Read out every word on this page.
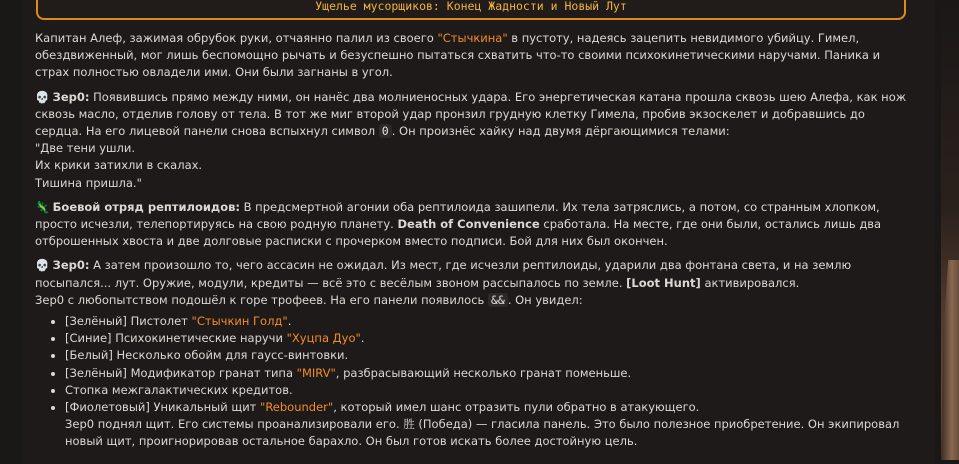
Ущелье мусорщиков: Конец Жадности и Новый Лут

Капитан Алеф, зажимая обрубок руки, отчаянно палил из своего "Стычкина" в пустоту, надеясь зацепить невидимого убийцу. Гимел, обездвиженный, мог лишь беспомощно рычать и безуспешно пытаться схватить что-то своими психокинетическими наручами. Паника и страх полностью овладели ими. Они были загнаны в угол.

💀 Зер0: Появившись прямо между ними, он нанёс два молниеносных удара. Его энергетическая катана прошла сквозь шею Алефа, как нож сквозь масло, отделив голову от тела. В тот же миг второй удар пронзил грудную клетку Гимела, пробив экзоскелет и добравшись до сердца. На его лицевой панели снова вспыхнул символ 0 . Он произнёс хайку над двумя дёргающимися телами:
"Две тени ушли.
Их крики затихли в скалах.
Тишина пришла."

🦎 Боевой отряд рептилоидов: В предсмертной агонии оба рептилоида зашипели. Их тела затряслись, а потом, со странным хлопком, просто исчезли, телепортируясь на свою родную планету. Death of Convenience сработала. На месте, где они были, остались лишь два отброшенных хвоста и две долговые расписки с прочерком вместо подписи. Бой для них был окончен.

💀 Зер0: А затем произошло то, чего ассасин не ожидал. Из мест, где исчезли рептилоиды, ударили два фонтана света, и на землю посыпался... лут. Оружие, модули, кредиты — всё это с весёлым звоном рассыпалось по земле. [Loot Hunt] активировался.
Зер0 с любопытством подошёл к горе трофеев. На его панели появилось && . Он увидел:

• [Зелёный] Пистолет "Стычкин Голд".
• [Синие] Психокинетические наручи "Хуцпа Дуо".
• [Белый] Несколько обойм для гаусс-винтовки.
• [Зелёный] Модификатор гранат типа "MIRV", разбрасывающий несколько гранат поменьше.
• Стопка межгалактических кредитов.
• [Фиолетовый] Уникальный щит "Rebounder", который имел шанс отразить пули обратно в атакующего.
Зер0 поднял щит. Его системы проанализировали его. 胜 (Победа) — гласила панель. Это было полезное приобретение. Он экипировал новый щит, проигнорировав остальное барахло. Он был готов искать более достойную цель.
